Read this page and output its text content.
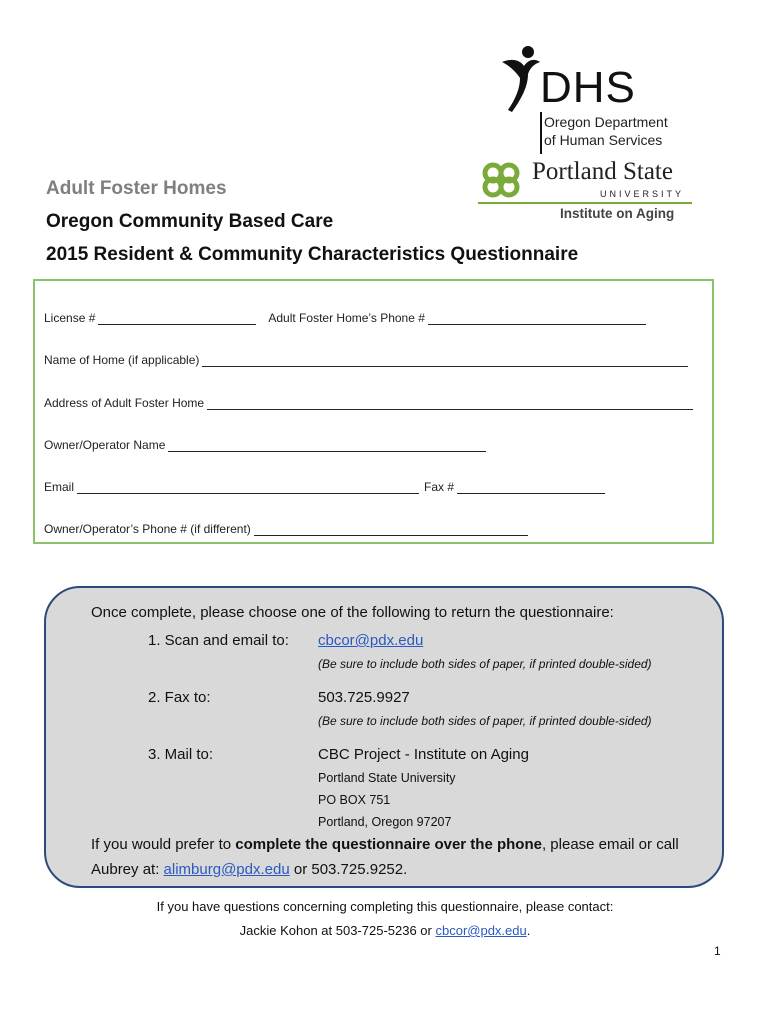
DHS
Oregon Department
of Human Services
Portland State
UNIVERSITY
Institute on Aging
Adult Foster Homes
Oregon Community Based Care
2015 Resident & Community Characteristics Questionnaire
License #	Adult Foster Home’s Phone #
Name of Home (if applicable)
Address of Adult Foster Home
Owner/Operator Name
Email	Fax #
Owner/Operator’s Phone # (if different)
Once complete, please choose one of the following to return the questionnaire:
1. Scan and email to: cbcor@pdx.edu
(Be sure to include both sides of paper, if printed double-sided)
2. Fax to:	503.725.9927
(Be sure to include both sides of paper, if printed double-sided)
3. Mail to:	CBC Project - Institute on Aging
Portland State University
PO BOX 751
Portland, Oregon 97207
If you would prefer to complete the questionnaire over the phone, please email or call
Aubrey at: alimburg@pdx.edu or 503.725.9252.
If you have questions concerning completing this questionnaire, please contact:
Jackie Kohon at 503-725-5236 or cbcor@pdx.edu.
1
